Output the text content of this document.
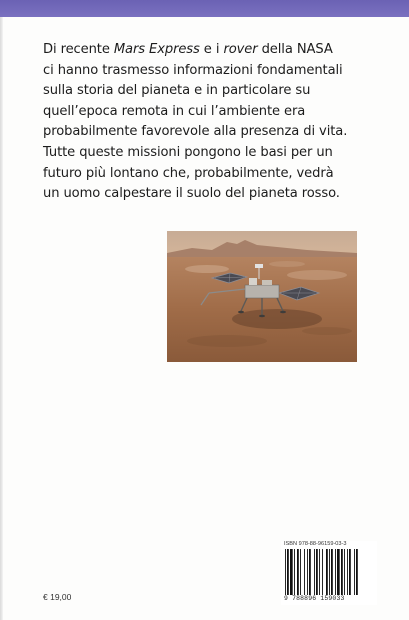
Di recente Mars Express e i rover della NASA
ci hanno trasmesso informazioni fondamentali
sulla storia del pianeta e in particolare su
quell’epoca remota in cui l’ambiente era
probabilmente favorevole alla presenza di vita.
Tutte queste missioni pongono le basi per un
futuro più lontano che, probabilmente, vedrà
un uomo calpestare il suolo del pianeta rosso.

ISBN 978-88-96159-03-3
9 788896 159033
€ 19,00
